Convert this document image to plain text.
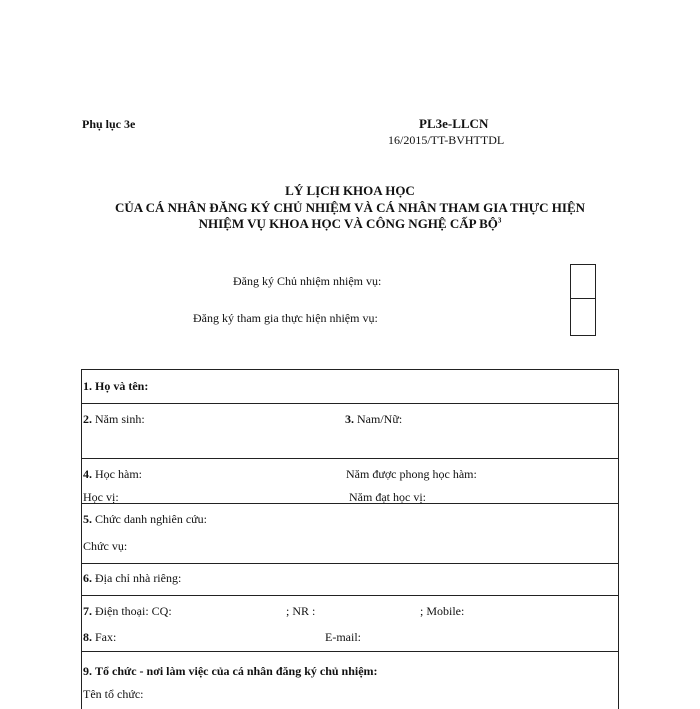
Phụ lục 3e	PL3e-LLCN
16/2015/TT-BVHTTDL
LÝ LỊCH KHOA HỌC
CỦA CÁ NHÂN ĐĂNG KÝ CHỦ NHIỆM VÀ CÁ NHÂN THAM GIA THỰC HIỆN
NHIỆM VỤ KHOA HỌC VÀ CÔNG NGHỆ CẤP BỘ$^3$
Đăng ký Chủ nhiệm nhiệm vụ:
Đăng ký tham gia thực hiện nhiệm vụ:
1. Họ và tên:
2. Năm sinh:	3. Nam/Nữ:
4. Học hàm:	Năm được phong học hàm:
Học vị:	Năm đạt học vị:
5. Chức danh nghiên cứu:
Chức vụ:
6. Địa chỉ nhà riêng:
7. Điện thoại: CQ:	; NR :	; Mobile:
8. Fax:	E-mail:
9. Tổ chức - nơi làm việc của cá nhân đăng ký chủ nhiệm:
Tên tổ chức:
